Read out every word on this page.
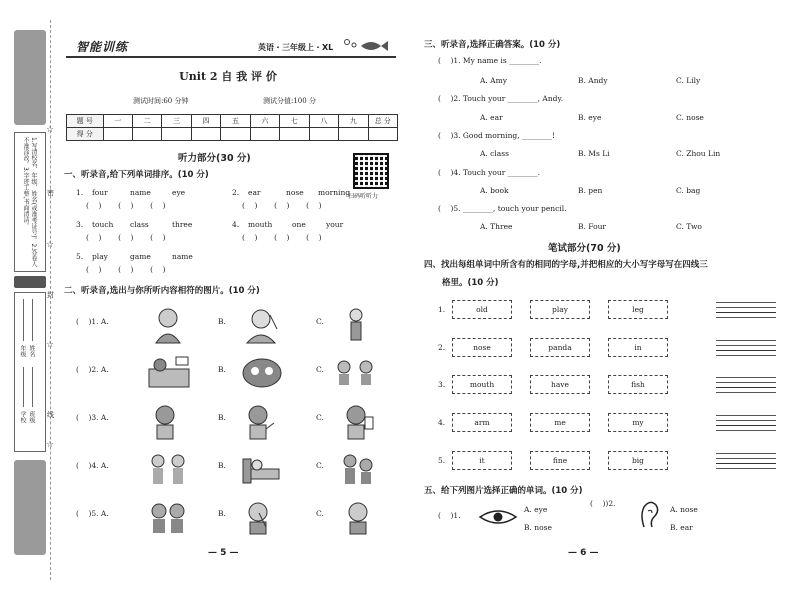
1.写清校名、年级、姓名(或准考证号)。2.答卷人不准涂改。3.字迹工整,书面清洁。
学校 班级
年级 姓名
☆
☆
☆
☆
密
封
线
智能训练	英语・三年级上・XL
Unit 2 自 我 评 价
测试时间:60 分钟	测试分值:100 分
题 号	一	二	三	四	五	六	七	八	九	总 分
得 分										
听力部分(30 分)
扫码听听力
一、听录音,给下列单词排序。(10 分)
1. four	name	eye
(    )       (    )       (    )
2. ear	nose morning
(    )       (    )       (    )
3. touch class	three
(    )       (    )       (    )
4. mouth	one	your
(    )       (    )       (    )
5. play	game	name
(    )       (    )       (    )
二、听录音,选出与你所听内容相符的图片。(10 分)
(    )1. A.	B.	C.
(    )2. A.	B.	C.
(    )3. A.	B.	C.
(    )4. A.	B.	C.
(    )5. A.	B.	C.
— 5 —
三、听录音,选择正确答案。(10 分)
(    )1. My name is ________.
A. Amy	B. Andy	C. Lily
(    )2. Touch your ________, Andy.
A. ear	B. eye	C. nose
(    )3. Good morning, ________!
A. class	B. Ms Li	C. Zhou Lin
(    )4. Touch your ________.
A. book	B. pen	C. bag
(    )5. ________, touch your pencil.
A. Three	B. Four	C. Two
笔试部分(70 分)
四、找出每组单词中所含有的相同的字母,并把相应的大小写字母写在四线三
格里。(10 分)
1.	old	play	leg
2.	nose	panda	in
3.	mouth	have	fish
4.	arm	me	my
5.	it	fine	big
五、给下列图片选择正确的单词。(10 分)
(    )1.
A. eye
B. nose
(    ))2.
A. nose
B. ear
— 6 —
